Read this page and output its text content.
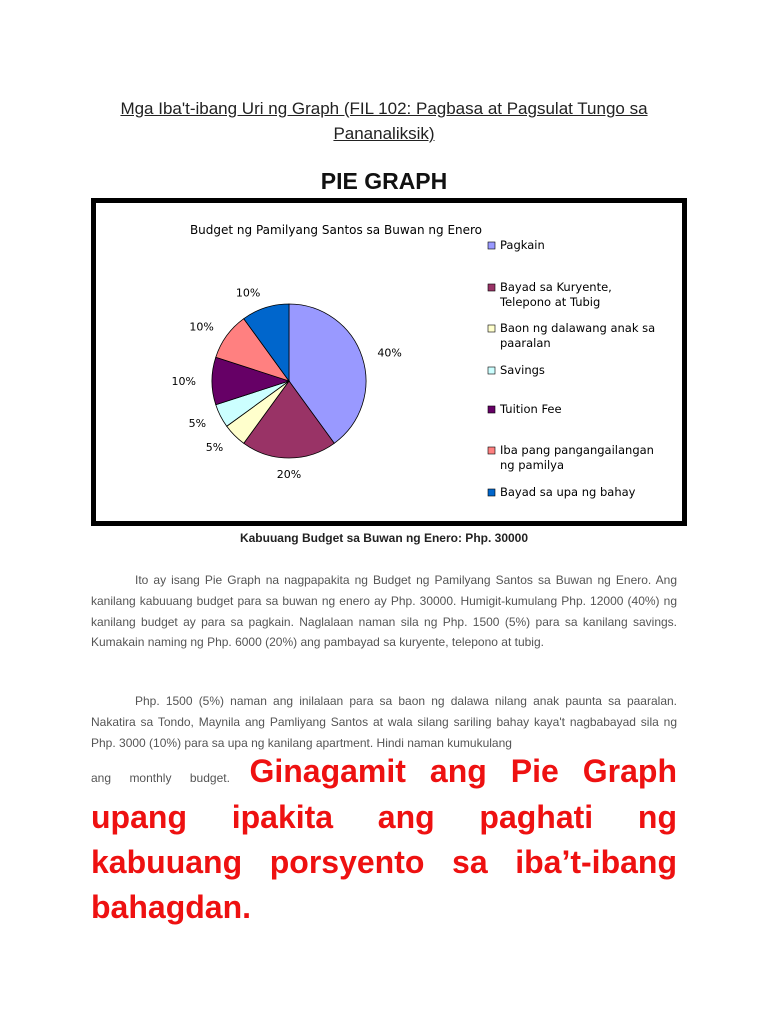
Mga Iba't-ibang Uri ng Graph (FIL 102: Pagbasa at Pagsulat Tungo sa Pananaliksik)
PIE GRAPH
Budget ng Pamilyang Santos sa Buwan ng Enero
40%
20%
5%
5%
10%
10%
10%
Pagkain
Bayad sa Kuryente, Telepono at Tubig
Baon ng dalawang anak sa paaralan
Savings
Tuition Fee
Iba pang pangangailangan ng pamilya
Bayad sa upa ng bahay
Kabuuang Budget sa Buwan ng Enero: Php. 30000

Ito ay isang Pie Graph na nagpapakita ng Budget ng Pamilyang Santos sa Buwan ng Enero. Ang kanilang kabuuang budget para sa buwan ng enero ay Php. 30000. Humigit-kumulang Php. 12000 (40%) ng kanilang budget ay para sa pagkain. Naglalaan naman sila ng Php. 1500 (5%) para sa kanilang savings. Kumakain naming ng Php. 6000 (20%) ang pambayad sa kuryente, telepono at tubig.

Php. 1500 (5%) naman ang inilalaan para sa baon ng dalawa nilang anak paunta sa paaralan. Nakatira sa Tondo, Maynila ang Pamliyang Santos at wala silang sariling bahay kaya't nagbabayad sila ng Php. 3000 (10%) para sa upa ng kanilang apartment. Hindi naman kumukulang

ang monthly budget. Ginagamit ang Pie Graph upang ipakita ang paghati ng kabuuang porsyento sa iba’t-ibang bahagdan.
